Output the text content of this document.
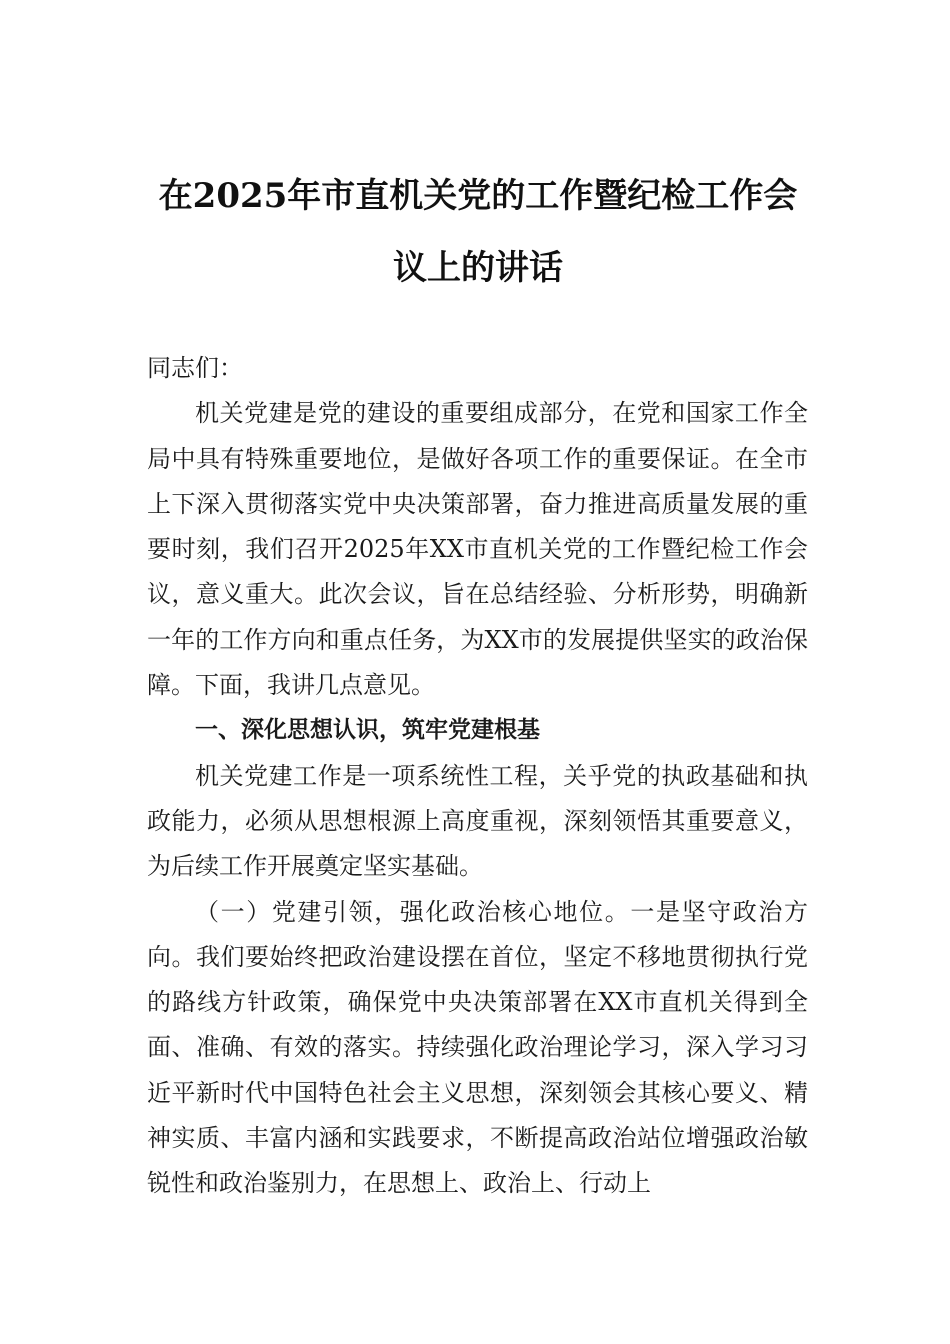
在2025年市直机关党的工作暨纪检工作会议上的讲话

同志们：

机关党建是党的建设的重要组成部分，在党和国家工作全局中具有特殊重要地位，是做好各项工作的重要保证。在全市上下深入贯彻落实党中央决策部署，奋力推进高质量发展的重要时刻，我们召开2025年XX市直机关党的工作暨纪检工作会议，意义重大。此次会议，旨在总结经验、分析形势，明确新一年的工作方向和重点任务，为XX市的发展提供坚实的政治保障。下面，我讲几点意见。

一、深化思想认识，筑牢党建根基

机关党建工作是一项系统性工程，关乎党的执政基础和执政能力，必须从思想根源上高度重视，深刻领悟其重要意义，为后续工作开展奠定坚实基础。

（一）党建引领，强化政治核心地位。一是坚守政治方向。我们要始终把政治建设摆在首位，坚定不移地贯彻执行党的路线方针政策，确保党中央决策部署在XX市直机关得到全面、准确、有效的落实。持续强化政治理论学习，深入学习习近平新时代中国特色社会主义思想，深刻领会其核心要义、精神实质、丰富内涵和实践要求，不断提高政治站位增强政治敏锐性和政治鉴别力，在思想上、政治上、行动上
